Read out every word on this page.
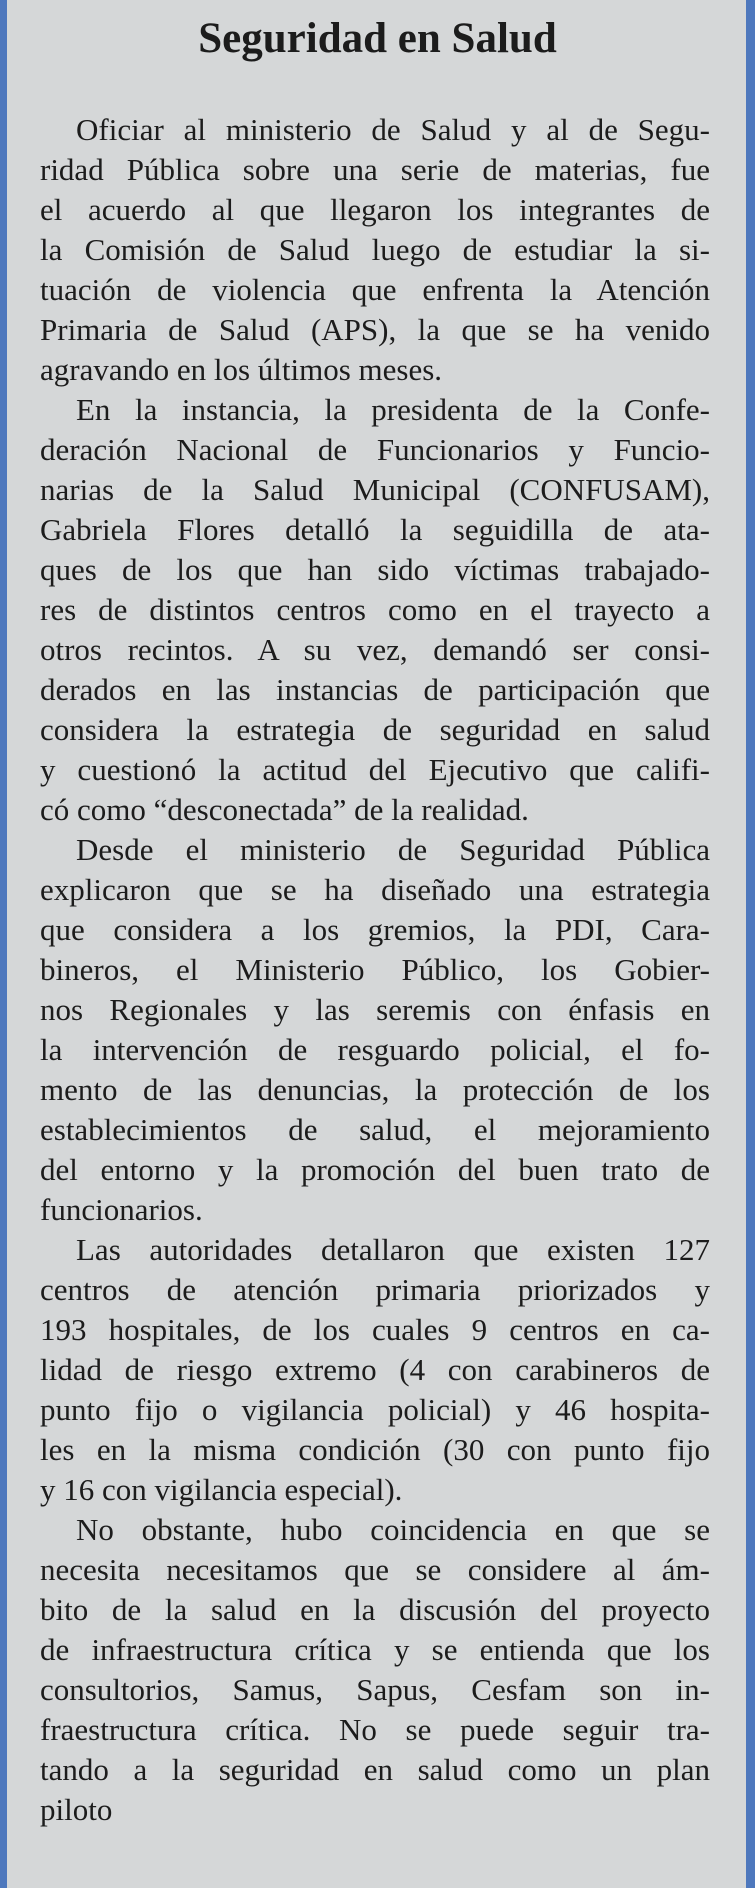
Seguridad en Salud
Oficiar al ministerio de Salud y al de Segu-
ridad Pública sobre una serie de materias, fue
el acuerdo al que llegaron los integrantes de
la Comisión de Salud luego de estudiar la si-
tuación de violencia que enfrenta la Atención
Primaria de Salud (APS), la que se ha venido
agravando en los últimos meses.
En la instancia, la presidenta de la Confe-
deración Nacional de Funcionarios y Funcio-
narias de la Salud Municipal (CONFUSAM),
Gabriela Flores detalló la seguidilla de ata-
ques de los que han sido víctimas trabajado-
res de distintos centros como en el trayecto a
otros recintos. A su vez, demandó ser consi-
derados en las instancias de participación que
considera la estrategia de seguridad en salud
y cuestionó la actitud del Ejecutivo que califi-
có como “desconectada” de la realidad.
Desde el ministerio de Seguridad Pública
explicaron que se ha diseñado una estrategia
que considera a los gremios, la PDI, Cara-
bineros, el Ministerio Público, los Gobier-
nos Regionales y las seremis con énfasis en
la intervención de resguardo policial, el fo-
mento de las denuncias, la protección de los
establecimientos de salud, el mejoramiento
del entorno y la promoción del buen trato de
funcionarios.
Las autoridades detallaron que existen 127
centros de atención primaria priorizados y
193 hospitales, de los cuales 9 centros en ca-
lidad de riesgo extremo (4 con carabineros de
punto fijo o vigilancia policial) y 46 hospita-
les en la misma condición (30 con punto fijo
y 16 con vigilancia especial).
No obstante, hubo coincidencia en que se
necesita necesitamos que se considere al ám-
bito de la salud en la discusión del proyecto
de infraestructura crítica y se entienda que los
consultorios, Samus, Sapus, Cesfam son in-
fraestructura crítica. No se puede seguir tra-
tando a la seguridad en salud como un plan
piloto
